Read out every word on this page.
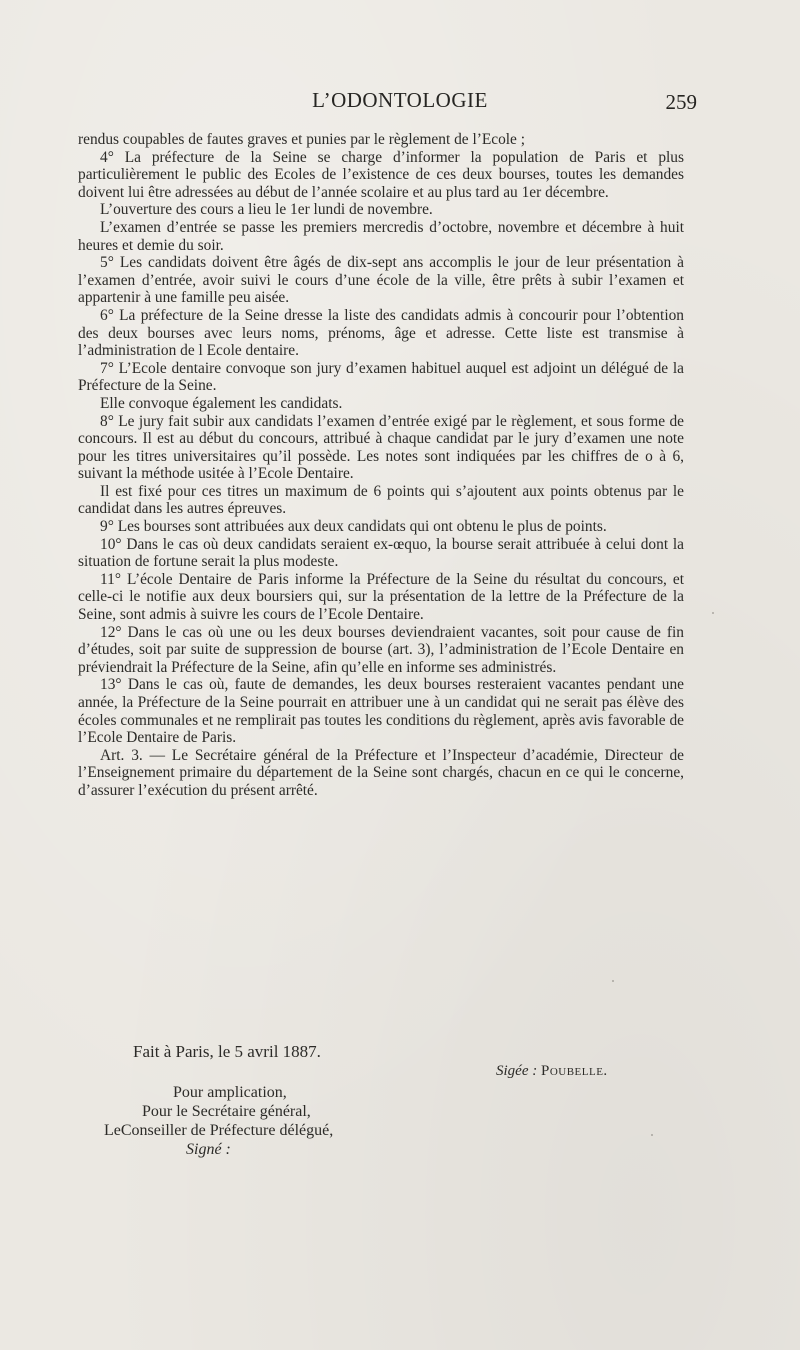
L’ODONTOLOGIE	259

rendus coupables de fautes graves et punies par le règlement de l’Ecole ;

4° La préfecture de la Seine se charge d’informer la population de Paris et plus particulièrement le public des Ecoles de l’existence de ces deux bourses, toutes les demandes doivent lui être adressées au début de l’année scolaire et au plus tard au 1er décembre.

L’ouverture des cours a lieu le 1er lundi de novembre.

L’examen d’entrée se passe les premiers mercredis d’octobre, novembre et décembre à huit heures et demie du soir.

5° Les candidats doivent être âgés de dix-sept ans accomplis le jour de leur présentation à l’examen d’entrée, avoir suivi le cours d’une école de la ville, être prêts à subir l’examen et appartenir à une famille peu aisée.

6° La préfecture de la Seine dresse la liste des candidats admis à concourir pour l’obtention des deux bourses avec leurs noms, prénoms, âge et adresse. Cette liste est transmise à l’administration de l Ecole dentaire.

7° L’Ecole dentaire convoque son jury d’examen habituel auquel est adjoint un délégué de la Préfecture de la Seine.

Elle convoque également les candidats.

8° Le jury fait subir aux candidats l’examen d’entrée exigé par le règlement, et sous forme de concours. Il est au début du concours, attribué à chaque candidat par le jury d’examen une note pour les titres universitaires qu’il possède. Les notes sont indiquées par les chiffres de o à 6, suivant la méthode usitée à l’Ecole Dentaire.

Il est fixé pour ces titres un maximum de 6 points qui s’ajoutent aux points obtenus par le candidat dans les autres épreuves.

9° Les bourses sont attribuées aux deux candidats qui ont obtenu le plus de points.

10° Dans le cas où deux candidats seraient ex-œquo, la bourse serait attribuée à celui dont la situation de fortune serait la plus modeste.

11° L’école Dentaire de Paris informe la Préfecture de la Seine du résultat du concours, et celle-ci le notifie aux deux boursiers qui, sur la présentation de la lettre de la Préfecture de la Seine, sont admis à suivre les cours de l’Ecole Dentaire.

12° Dans le cas où une ou les deux bourses deviendraient vacantes, soit pour cause de fin d’études, soit par suite de suppression de bourse (art. 3), l’administration de l’Ecole Dentaire en préviendrait la Préfecture de la Seine, afin qu’elle en informe ses administrés.

13° Dans le cas où, faute de demandes, les deux bourses resteraient vacantes pendant une année, la Préfecture de la Seine pourrait en attribuer une à un candidat qui ne serait pas élève des écoles communales et ne remplirait pas toutes les conditions du règlement, après avis favorable de l’Ecole Dentaire de Paris.

Art. 3. — Le Secrétaire général de la Préfecture et l’Inspecteur d’académie, Directeur de l’Enseignement primaire du département de la Seine sont chargés, chacun en ce qui le concerne, d’assurer l’exécution du présent arrêté.

Fait à Paris, le 5 avril 1887.
Sigée : Poubelle.
Pour amplication,
Pour le Secrétaire général,
LeConseiller de Préfecture délégué,
Signé :
